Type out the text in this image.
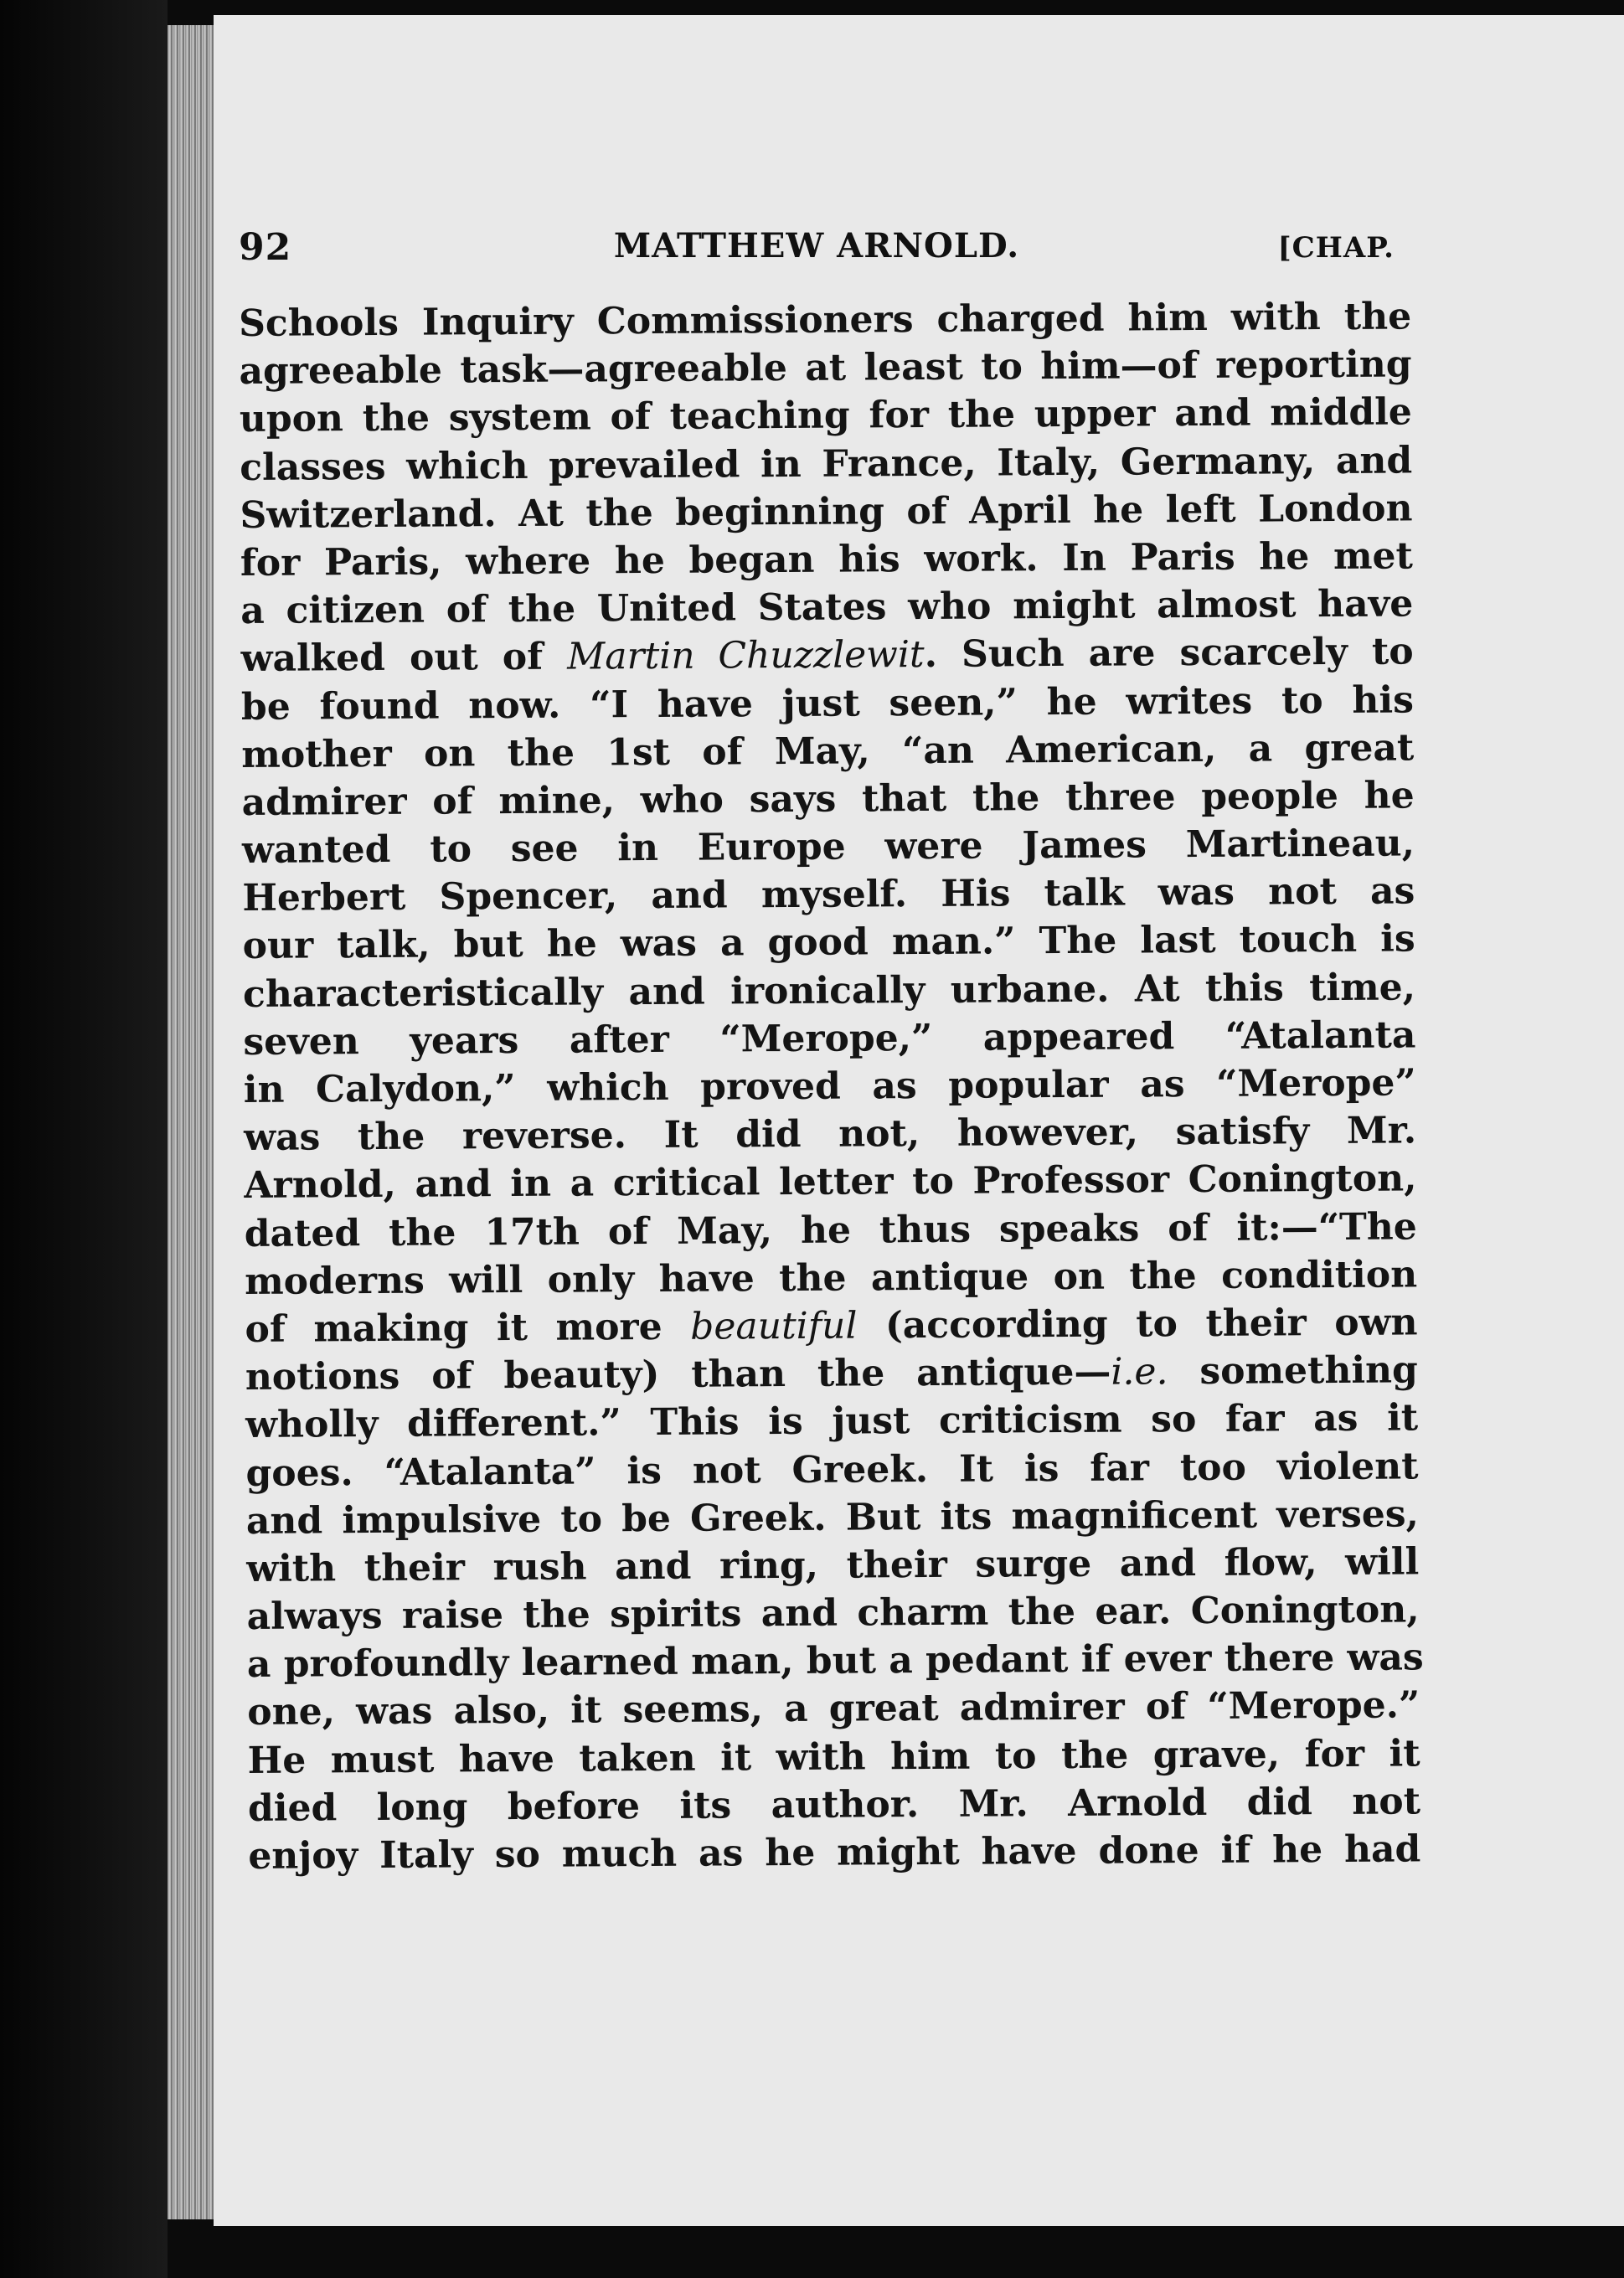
92	MATTHEW ARNOLD.	[CHAP.
Schools Inquiry Commissioners charged him with the
agreeable task—agreeable at least to him—of reporting
upon the system of teaching for the upper and middle
classes which prevailed in France, Italy, Germany, and
Switzerland. At the beginning of April he left London
for Paris, where he began his work. In Paris he met
a citizen of the United States who might almost have
walked out of Martin Chuzzlewit. Such are scarcely to
be found now. “I have just seen,” he writes to his
mother on the 1st of May, “an American, a great
admirer of mine, who says that the three people he
wanted to see in Europe were James Martineau,
Herbert Spencer, and myself. His talk was not as
our talk, but he was a good man.” The last touch is
characteristically and ironically urbane. At this time,
seven years after “Merope,” appeared “Atalanta
in Calydon,” which proved as popular as “Merope”
was the reverse. It did not, however, satisfy Mr.
Arnold, and in a critical letter to Professor Conington,
dated the 17th of May, he thus speaks of it:—“The
moderns will only have the antique on the condition
of making it more beautiful (according to their own
notions of beauty) than the antique—i.e. something
wholly different.” This is just criticism so far as it
goes. “Atalanta” is not Greek. It is far too violent
and impulsive to be Greek. But its magnificent verses,
with their rush and ring, their surge and flow, will
always raise the spirits and charm the ear. Conington,
a profoundly learned man, but a pedant if ever there was
one, was also, it seems, a great admirer of “Merope.”
He must have taken it with him to the grave, for it
died long before its author. Mr. Arnold did not
enjoy Italy so much as he might have done if he had
